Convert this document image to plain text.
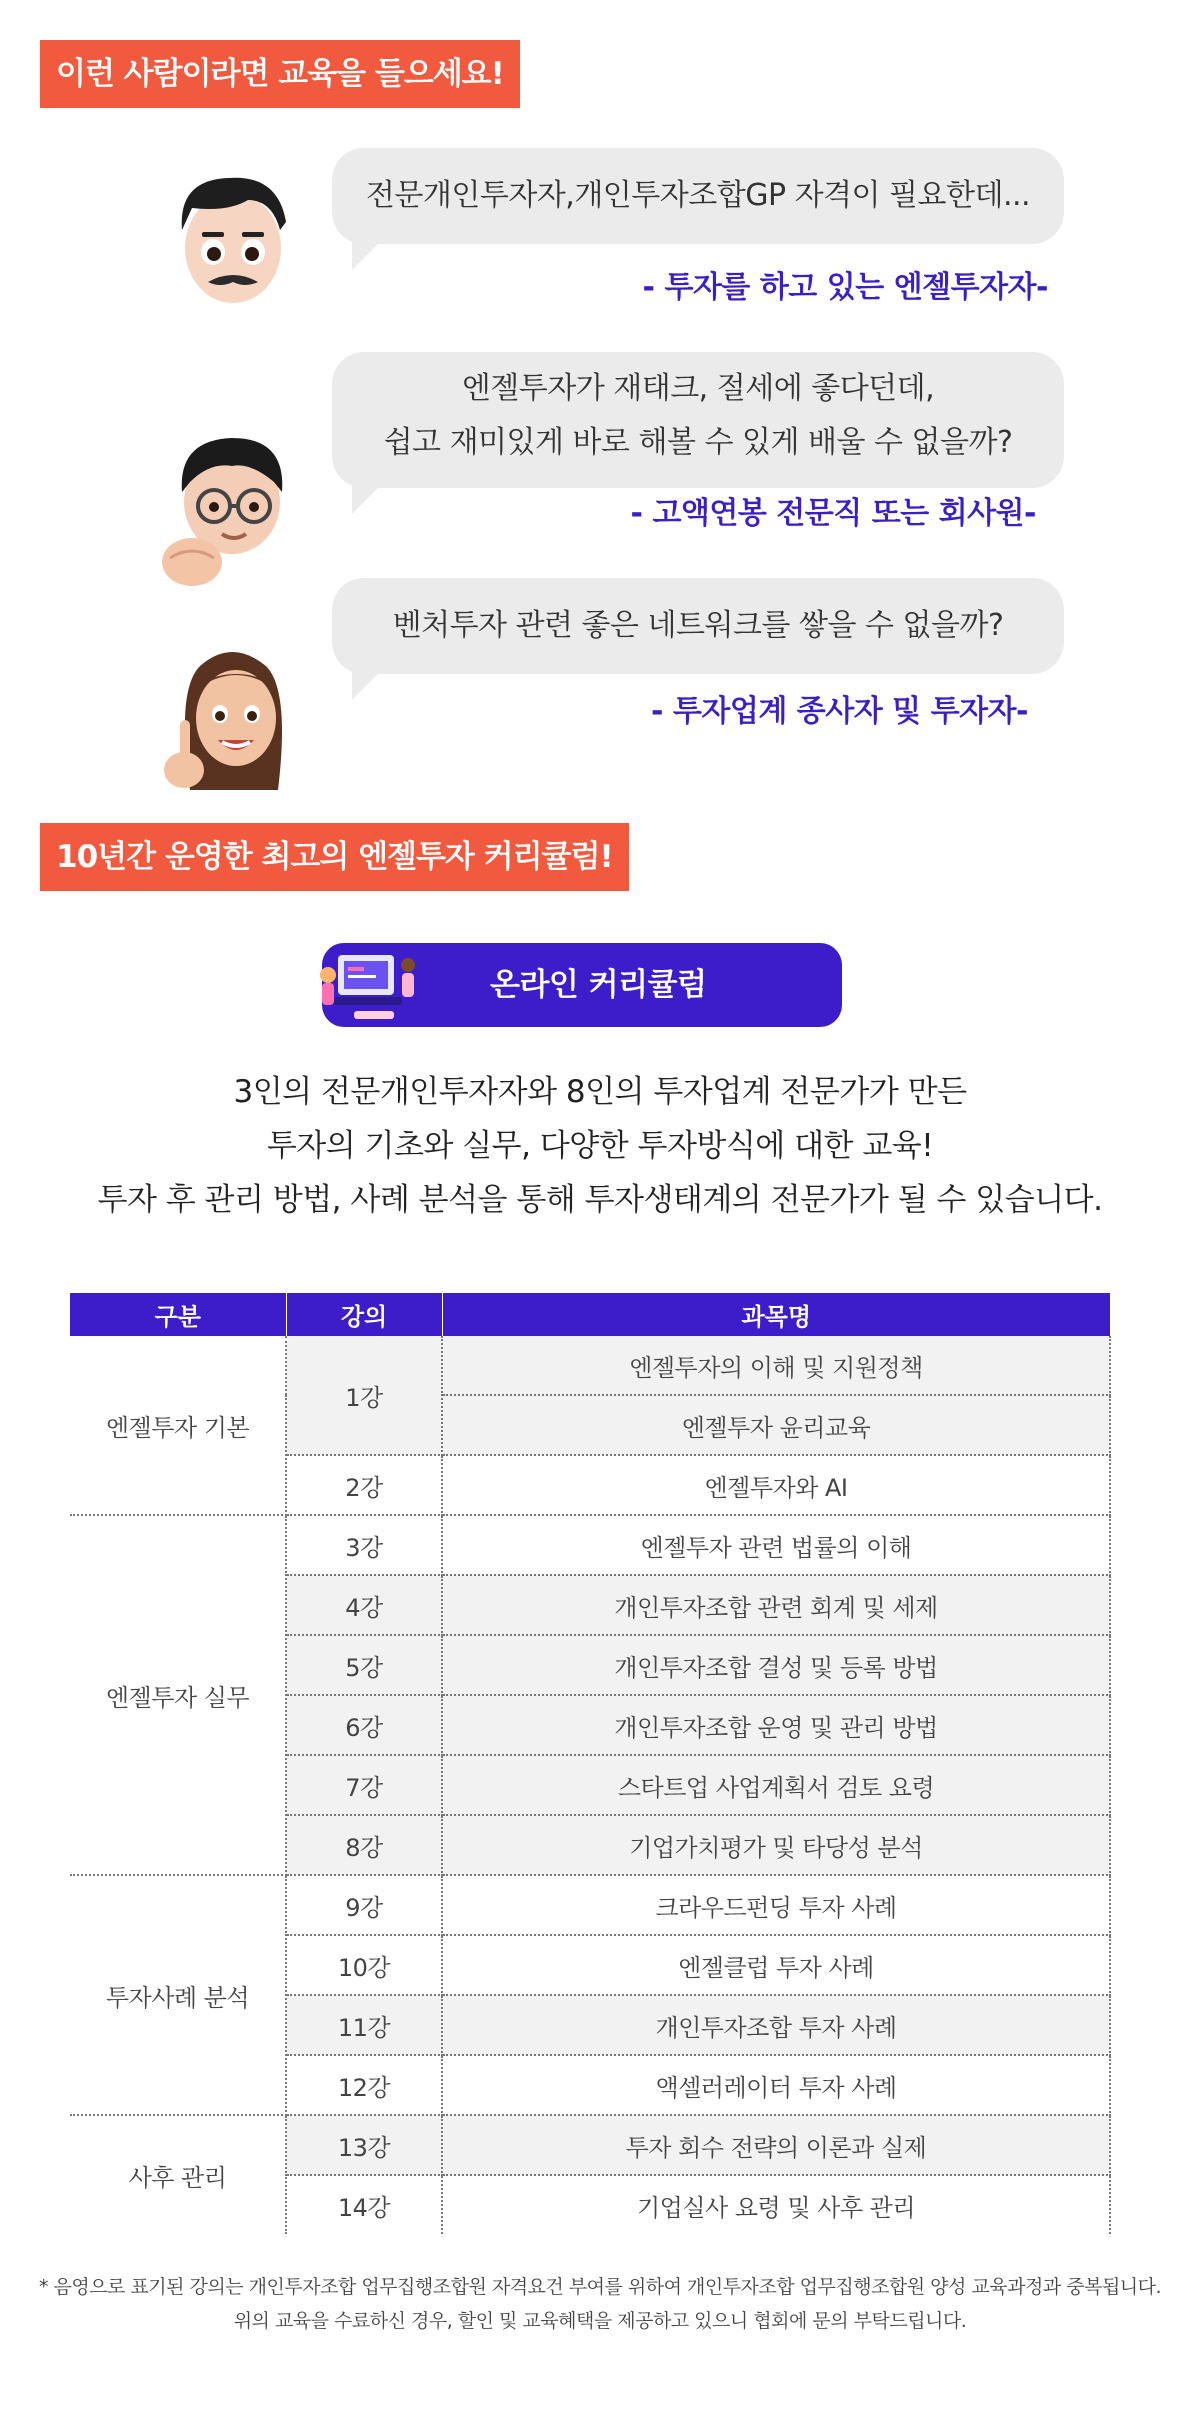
이런 사람이라면 교육을 들으세요!
전문개인투자자,개인투자조합GP 자격이 필요한데...
- 투자를 하고 있는 엔젤투자자-
엔젤투자가 재태크, 절세에 좋다던데,
쉽고 재미있게 바로 해볼 수 있게 배울 수 없을까?
- 고액연봉 전문직 또는 회사원-
벤처투자 관련 좋은 네트워크를 쌓을 수 없을까?
- 투자업계 종사자 및 투자자-
10년간 운영한 최고의 엔젤투자 커리큘럼!
온라인 커리큘럼
3인의 전문개인투자자와 8인의 투자업계 전문가가 만든
투자의 기초와 실무, 다양한 투자방식에 대한 교육!
투자 후 관리 방법, 사례 분석을 통해 투자생태계의 전문가가 될 수 있습니다.
구분	강의	과목명
엔젤투자 기본	1강	엔젤투자의 이해 및 지원정책
		엔젤투자 윤리교육
	2강	엔젤투자와 AI
엔젤투자 실무	3강	엔젤투자 관련 법률의 이해
	4강	개인투자조합 관련 회계 및 세제
	5강	개인투자조합 결성 및 등록 방법
	6강	개인투자조합 운영 및 관리 방법
	7강	스타트업 사업계획서 검토 요령
	8강	기업가치평가 및 타당성 분석
투자사례 분석	9강	크라우드펀딩 투자 사례
	10강	엔젤클럽 투자 사례
	11강	개인투자조합 투자 사례
	12강	액셀러레이터 투자 사례
사후 관리	13강	투자 회수 전략의 이론과 실제
	14강	기업실사 요령 및 사후 관리
* 음영으로 표기된 강의는 개인투자조합 업무집행조합원 자격요건 부여를 위하여 개인투자조합 업무집행조합원 양성 교육과정과 중복됩니다.
위의 교육을 수료하신 경우, 할인 및 교육혜택을 제공하고 있으니 협회에 문의 부탁드립니다.
